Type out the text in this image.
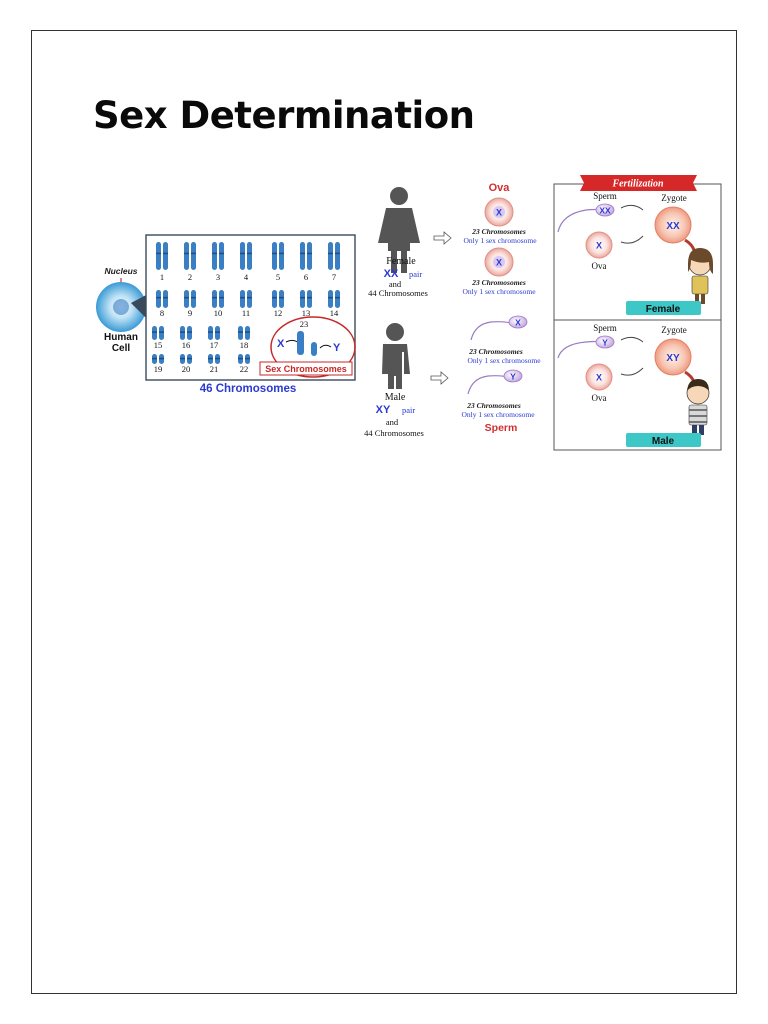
Sex Determination
Nucleus
Human
Cell
1	2	3	4	5	6	7
8	9	10 11	12 13 14
15 16 17	18
19 20 21	22
23
X	Y
Sex Chromosomes
46 Chromosomes
Female
XX pair
and
44 Chromosomes
Male
XY pair
and
44 Chromosomes
Ova
X
23 Chromosomes
Only 1 sex chromosome
X
23 Chromosomes
Only 1 sex chromosome
X
23 Chromosomes
Only 1 sex chromosome
Y
23 Chromosomes
Only 1 sex chromosome
Sperm
Fertilization
Sperm
XX
X
Ova
Zygote
XX
Female
Sperm
Y
X
Ova
Zygote
XY
Male
